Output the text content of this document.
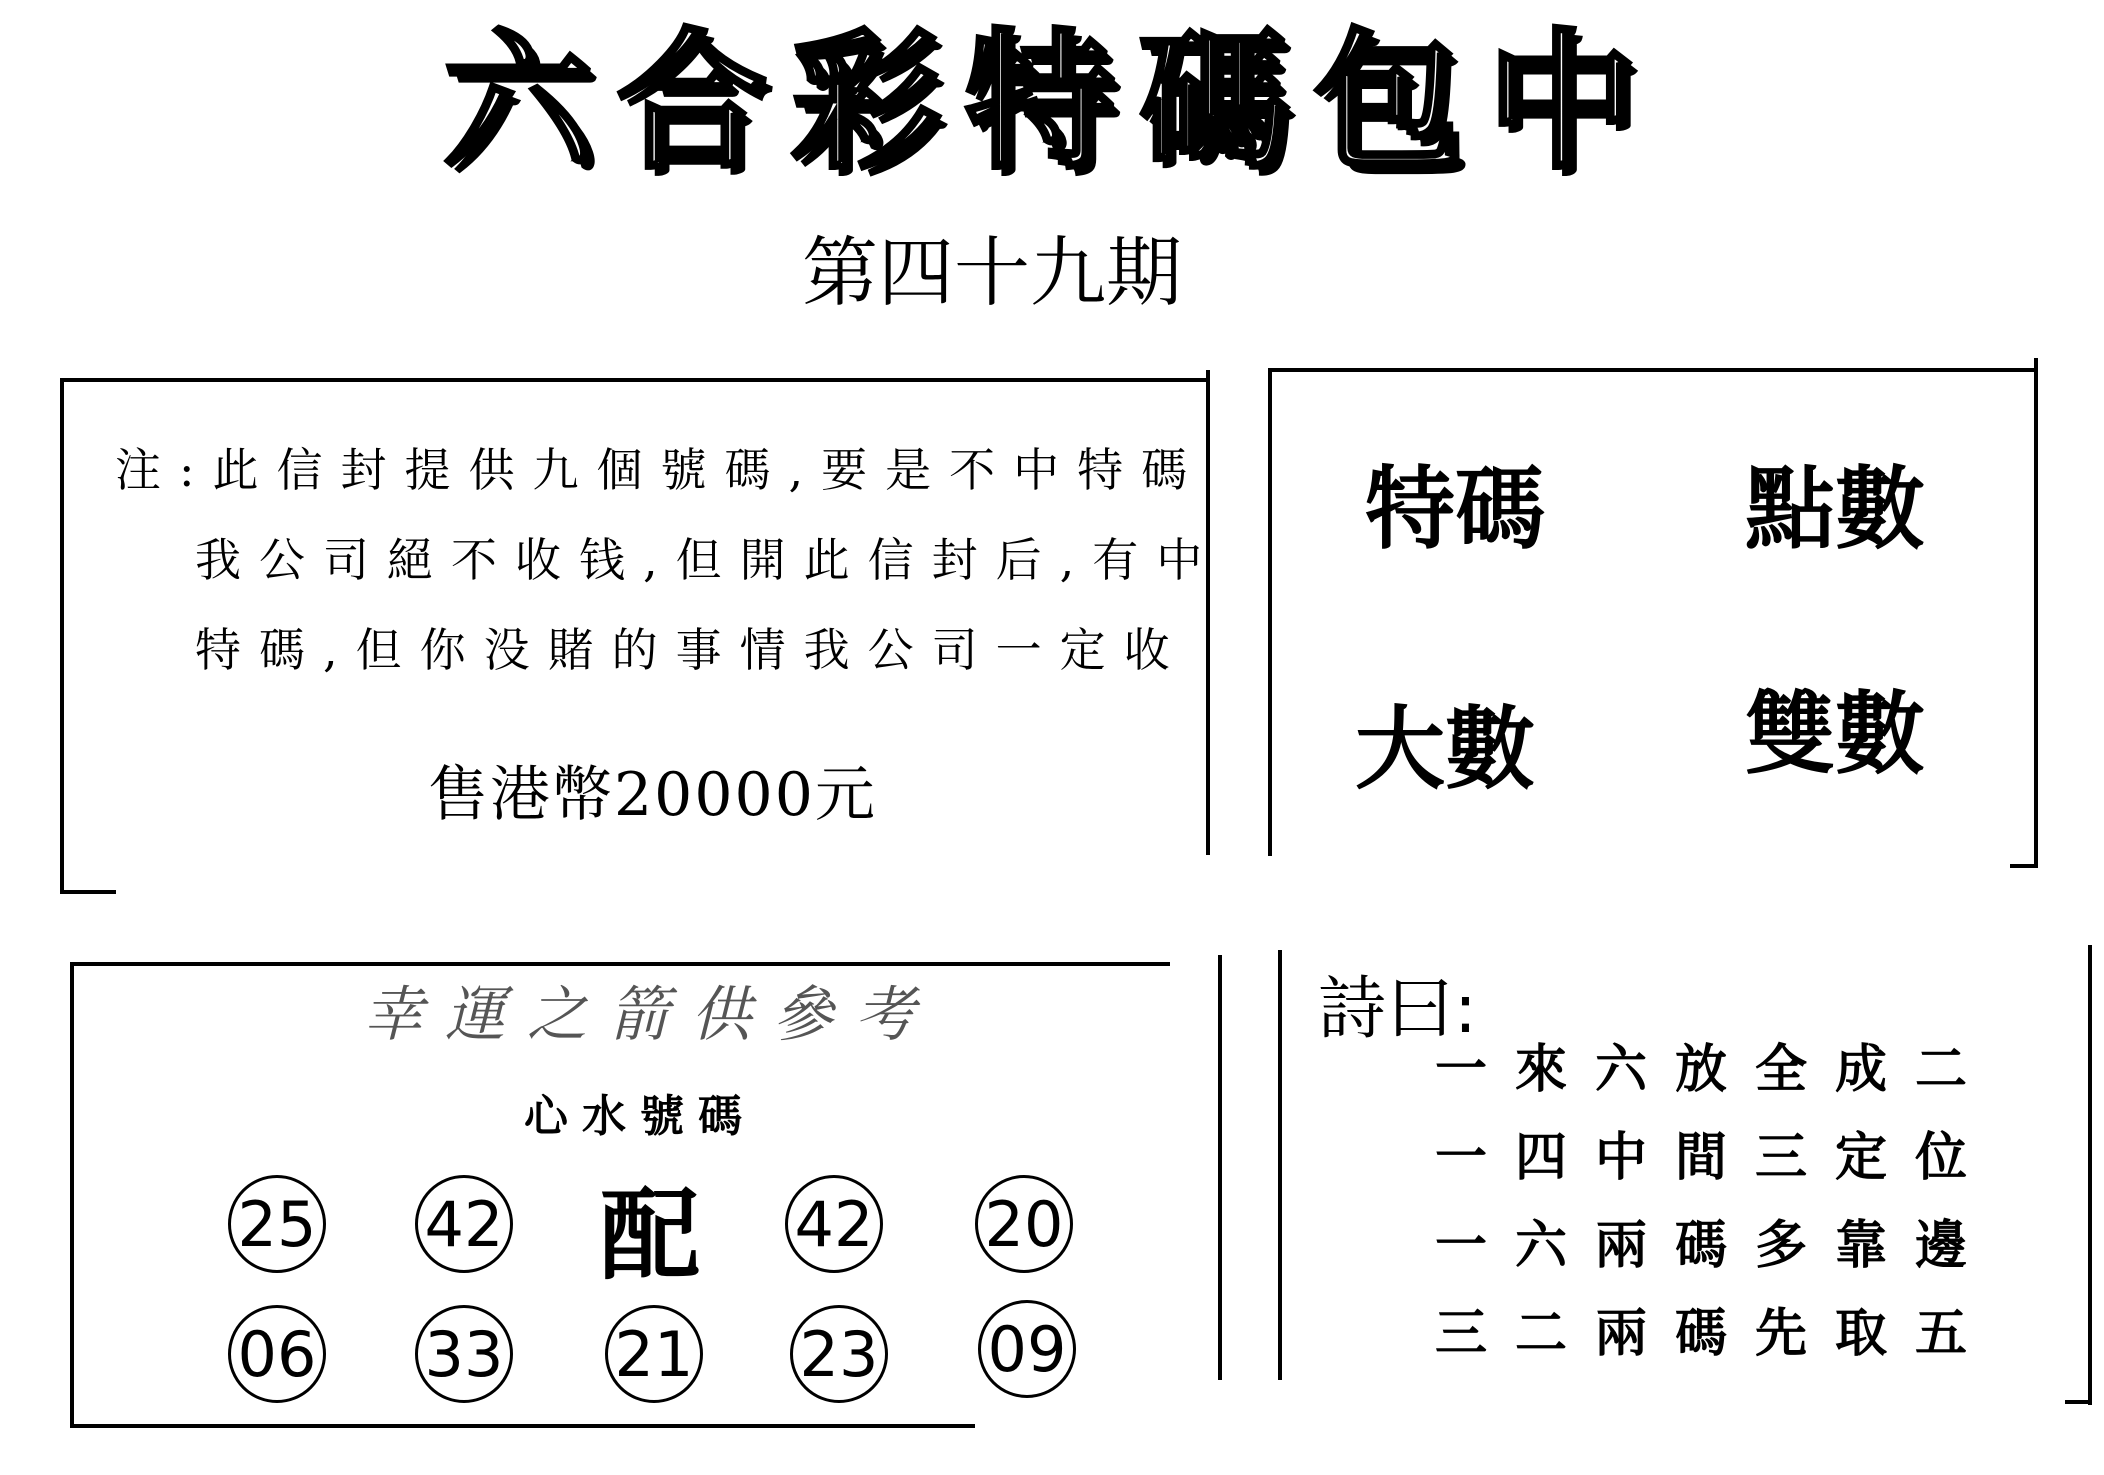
六合彩特碼包中
第四十九期
注:此信封提供九個號碼,要是不中特碼
我公司絕不收钱,但開此信封后,有中
特碼,但你没賭的事情我公司一定收
售港幣20000元
特碼 點數
大數 雙數
幸運之箭供參考
心水號碼
25 42 配 42 20
06 33 21 23 09
詩曰:
一來六放全成二
一四中間三定位
一六兩碼多靠邊
三二兩碼先取五
